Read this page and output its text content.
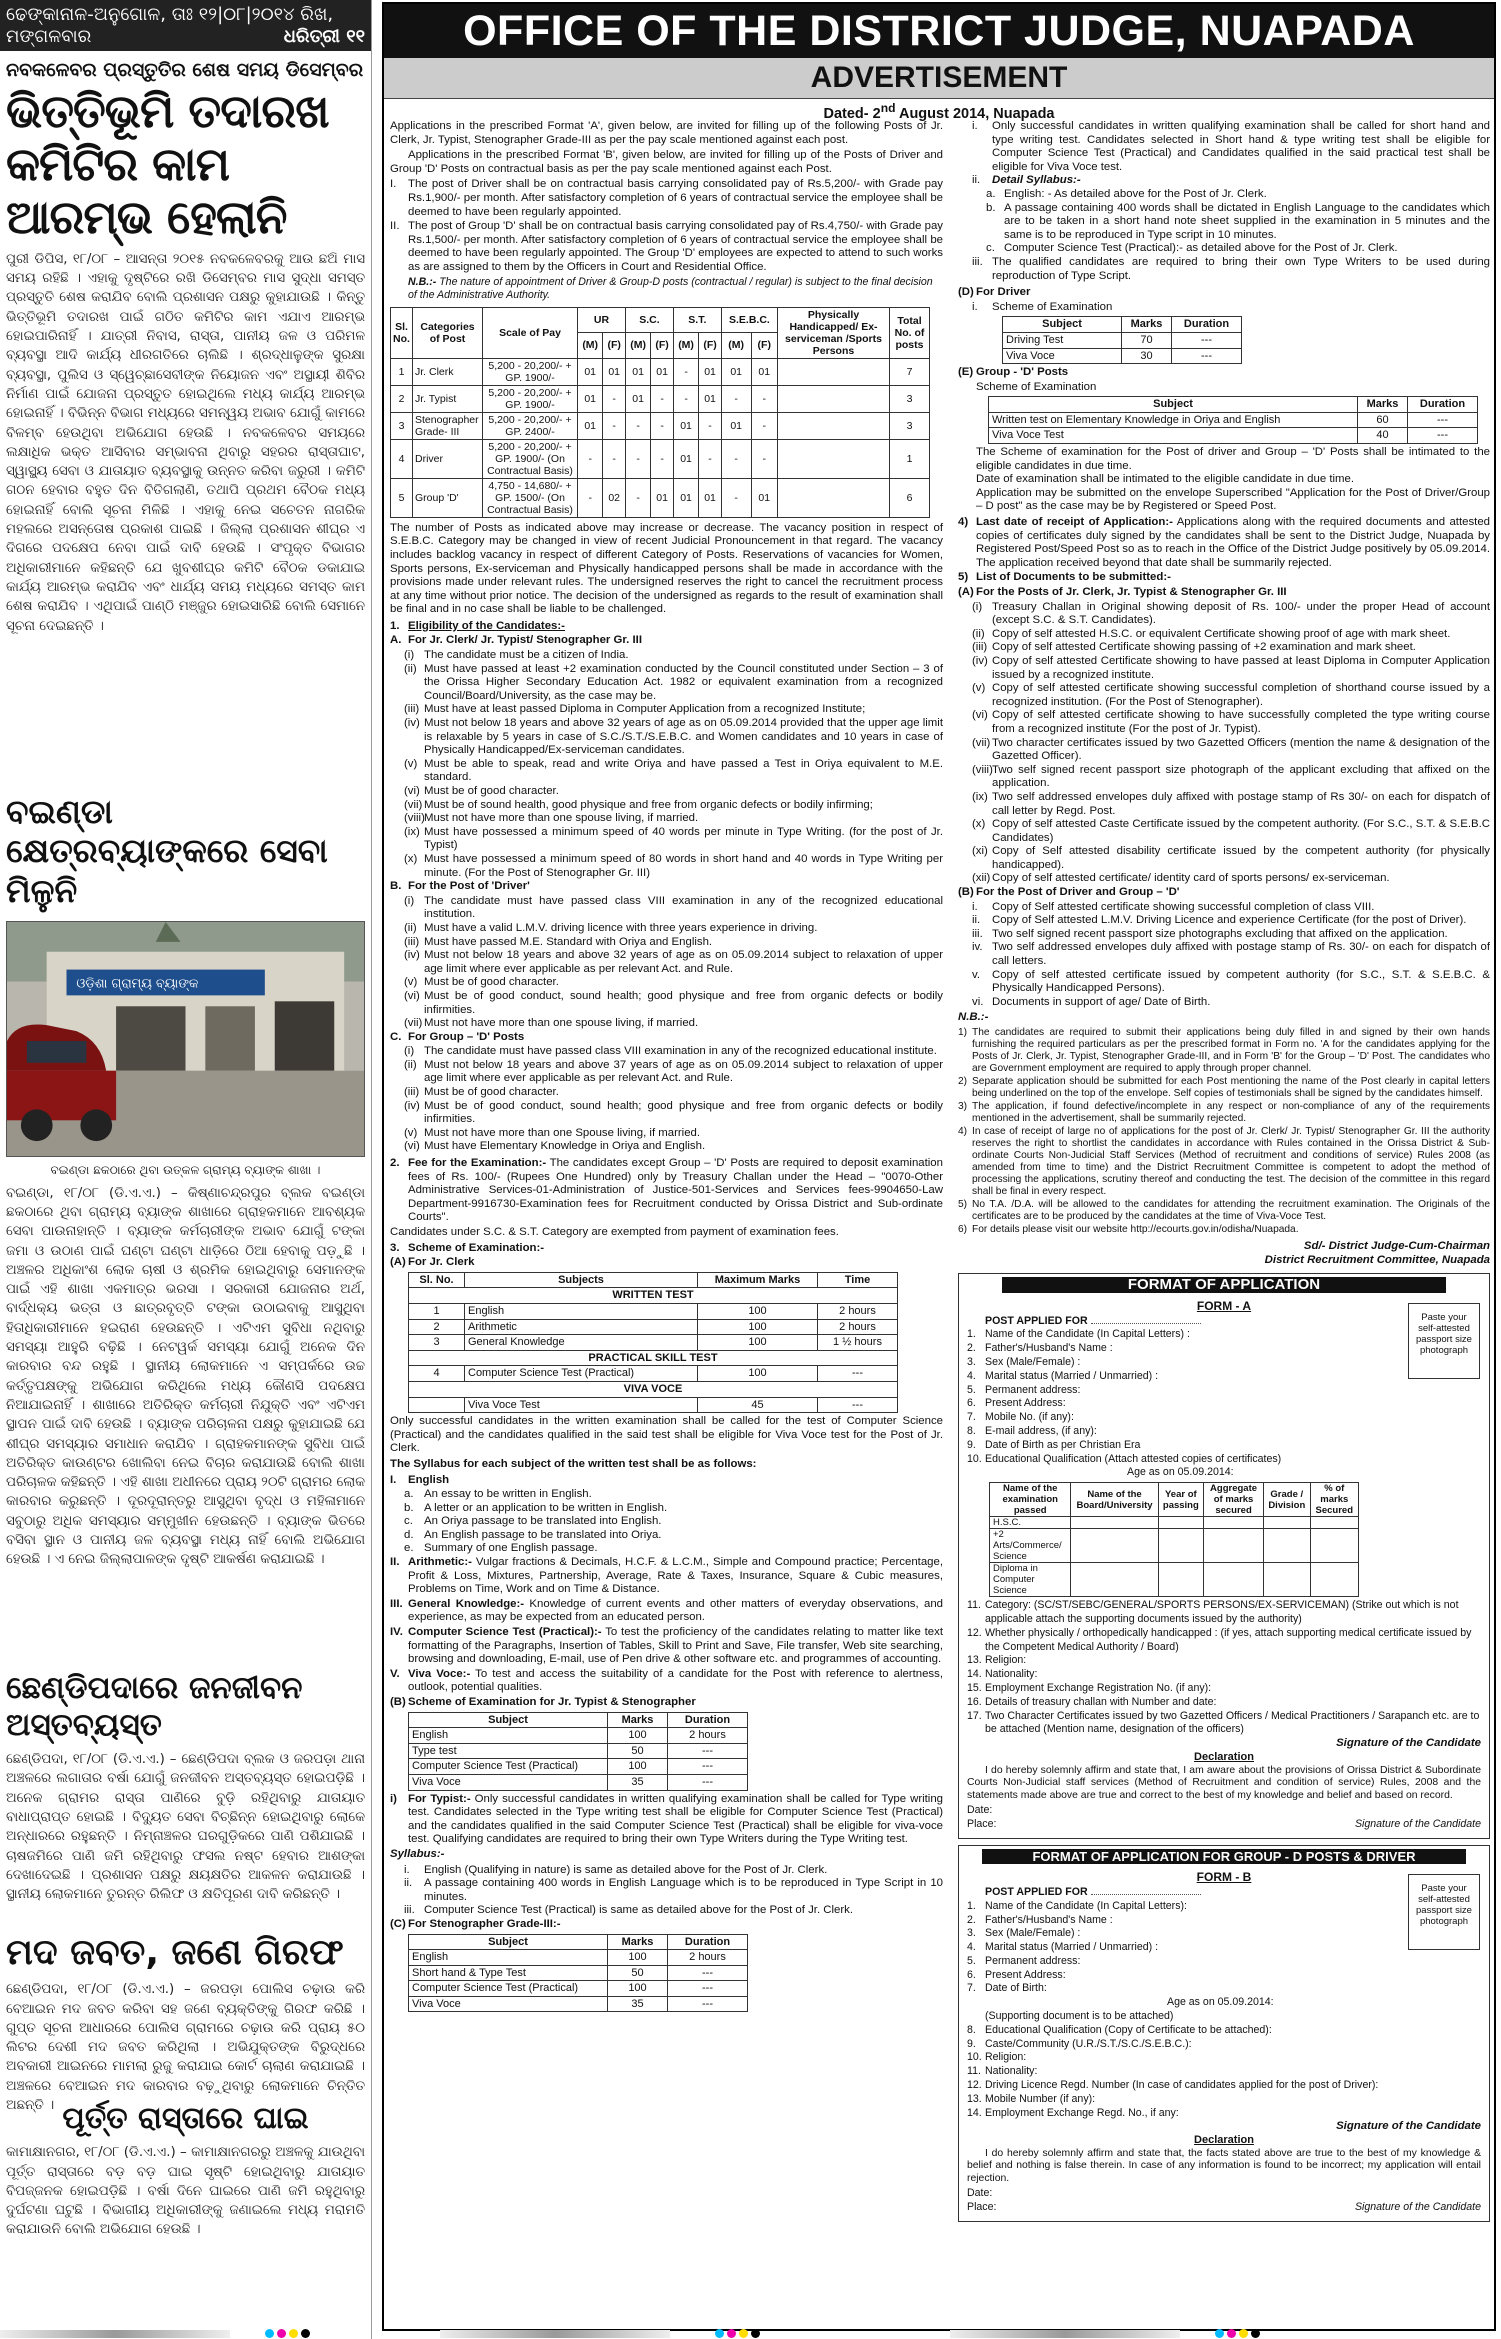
ଢେଙ୍କାନାଳ-ଅନୁଗୋଳ, ତାଃ ୧୨|୦୮|୨୦୧୪ ରିଖ,
ଧରିତ୍ରୀ ୧୧
ମଙ୍ଗଳବାର
ନବକଳେବର ପ୍ରସ୍ତୁତିର ଶେଷ ସମୟ ଡିସେମ୍ବର
ଭିତ୍ତିଭୂମି ତଦାରଖ କମିଟିର କାମ ଆରମ୍ଭ ହେଲାନି
ପୁରୀ ଡିପିସ, ୧୮/୦୮ – ଆସନ୍ତା ୨୦୧୫ ନବକଳେବରକୁ ଆଉ ଛଅି ମାସ ସମୟ ରହିଛି । ଏହାକୁ ଦୃଷ୍ଟିରେ ରଖି ଡିସେମ୍ବର ମାସ ସୁଦ୍ଧା ସମସ୍ତ ପ୍ରସ୍ତୁତି ଶେଷ କରାଯିବ ବୋଲି ପ୍ରଶାସନ ପକ୍ଷରୁ କୁହାଯାଉଛି । କିନ୍ତୁ ଭିତ୍ତିଭୂମି ତଦାରଖ ପାଇଁ ଗଠିତ କମିଟିର କାମ ଏଯାଏ ଆରମ୍ଭ ହୋଇପାରିନାହିଁ । ଯାତ୍ରୀ ନିବାସ, ରାସ୍ତା, ପାନୀୟ ଜଳ ଓ ପରିମଳ ବ୍ୟବସ୍ଥା ଆଦି କାର୍ଯ୍ୟ ଧୀରଗତିରେ ଚାଲିଛି । ଶ୍ରଦ୍ଧାଳୁଙ୍କ ସୁରକ୍ଷା ବ୍ୟବସ୍ଥା, ପୁଲିସ ଓ ସ୍ୱେଚ୍ଛାସେବୀଙ୍କ ନିୟୋଜନ ଏବଂ ଅସ୍ଥାୟୀ ଶିବିର ନିର୍ମାଣ ପାଇଁ ଯୋଜନା ପ୍ରସ୍ତୁତ ହୋଇଥିଲେ ମଧ୍ୟ କାର୍ଯ୍ୟ ଆରମ୍ଭ ହୋଇନାହିଁ । ବିଭିନ୍ନ ବିଭାଗ ମଧ୍ୟରେ ସମନ୍ୱୟ ଅଭାବ ଯୋଗୁଁ କାମରେ ବିଳମ୍ବ ହେଉଥିବା ଅଭିଯୋଗ ହେଉଛି । ନବକଳେବର ସମୟରେ ଲକ୍ଷାଧିକ ଭକ୍ତ ଆସିବାର ସମ୍ଭାବନା ଥିବାରୁ ସହରର ରାସ୍ତାଘାଟ, ସ୍ୱାସ୍ଥ୍ୟ ସେବା ଓ ଯାତାୟାତ ବ୍ୟବସ୍ଥାକୁ ଉନ୍ନତ କରିବା ଜରୁରୀ । କମିଟି ଗଠନ ହେବାର ବହୁତ ଦିନ ବିତିଗଲାଣି, ତଥାପି ପ୍ରଥମ ବୈଠକ ମଧ୍ୟ ହୋଇନାହିଁ ବୋଲି ସୂଚନା ମିଳିଛି । ଏହାକୁ ନେଇ ସଚେତନ ନାଗରିକ ମହଲରେ ଅସନ୍ତୋଷ ପ୍ରକାଶ ପାଇଛି । ଜିଲ୍ଲା ପ୍ରଶାସନ ଶୀଘ୍ର ଏ ଦିଗରେ ପଦକ୍ଷେପ ନେବା ପାଇଁ ଦାବି ହେଉଛି । ସଂପୃକ୍ତ ବିଭାଗର ଅଧିକାରୀମାନେ କହିଛନ୍ତି ଯେ ଖୁବଶୀଘ୍ର କମିଟି ବୈଠକ ଡକାଯାଇ କାର୍ଯ୍ୟ ଆରମ୍ଭ କରାଯିବ ଏବଂ ଧାର୍ଯ୍ୟ ସମୟ ମଧ୍ୟରେ ସମସ୍ତ କାମ ଶେଷ କରାଯିବ । ଏଥିପାଇଁ ପାଣ୍ଠି ମଞ୍ଜୁର ହୋଇସାରିଛି ବୋଲି ସେମାନେ ସୂଚନା ଦେଇଛନ୍ତି ।
ବଇଣ୍ଡା କ୍ଷେତ୍ରବ୍ୟାଙ୍କରେ ସେବା ମିଳୁନି
ଓଡ଼ିଶା ଗ୍ରାମ୍ୟ ବ୍ୟାଙ୍କ
ବଇଣ୍ଡା ଛକଠାରେ ଥିବା ଉତ୍କଳ ଗ୍ରାମ୍ୟ ବ୍ୟାଙ୍କ ଶାଖା ।
ବଇଣ୍ଡା, ୧୮/୦୮ (ଡି.ଏ.ଏ.) – କିଷ୍ଣାଚନ୍ଦ୍ରପୁର ବ୍ଲକ ବଇଣ୍ଡା ଛକଠାରେ ଥିବା ଗ୍ରାମ୍ୟ ବ୍ୟାଙ୍କ ଶାଖାରେ ଗ୍ରାହକମାନେ ଆବଶ୍ୟକ ସେବା ପାଉନାହାନ୍ତି । ବ୍ୟାଙ୍କ କର୍ମଚାରୀଙ୍କ ଅଭାବ ଯୋଗୁଁ ଟଙ୍କା ଜମା ଓ ଉଠାଣ ପାଇଁ ଘଣ୍ଟା ଘଣ୍ଟା ଧାଡ଼ିରେ ଠିଆ ହେବାକୁ ପଡ଼ୁଛି । ଅଞ୍ଚଳର ଅଧିକାଂଶ ଲୋକ ଚାଷୀ ଓ ଶ୍ରମିକ ହୋଇଥିବାରୁ ସେମାନଙ୍କ ପାଇଁ ଏହି ଶାଖା ଏକମାତ୍ର ଭରସା । ସରକାରୀ ଯୋଜନାର ଅର୍ଥ, ବାର୍ଦ୍ଧକ୍ୟ ଭତ୍ତା ଓ ଛାତ୍ରବୃତ୍ତି ଟଙ୍କା ଉଠାଇବାକୁ ଆସୁଥିବା ହିତାଧିକାରୀମାନେ ହଇରାଣ ହେଉଛନ୍ତି । ଏଟିଏମ ସୁବିଧା ନଥିବାରୁ ସମସ୍ୟା ଆହୁରି ବଢ଼ିଛି । ନେଟୱର୍କ ସମସ୍ୟା ଯୋଗୁଁ ଅନେକ ଦିନ କାରବାର ବନ୍ଦ ରହୁଛି । ସ୍ଥାନୀୟ ଲୋକମାନେ ଏ ସମ୍ପର୍କରେ ଉଚ୍ଚ କର୍ତ୍ତୃପକ୍ଷଙ୍କୁ ଅଭିଯୋଗ କରିଥିଲେ ମଧ୍ୟ କୌଣସି ପଦକ୍ଷେପ ନିଆଯାଇନାହିଁ । ଶାଖାରେ ଅତିରିକ୍ତ କର୍ମଚାରୀ ନିଯୁକ୍ତି ଏବଂ ଏଟିଏମ ସ୍ଥାପନ ପାଇଁ ଦାବି ହେଉଛି । ବ୍ୟାଙ୍କ ପରିଚାଳନା ପକ୍ଷରୁ କୁହାଯାଇଛି ଯେ ଶୀଘ୍ର ସମସ୍ୟାର ସମାଧାନ କରାଯିବ । ଗ୍ରାହକମାନଙ୍କ ସୁବିଧା ପାଇଁ ଅତିରିକ୍ତ କାଉଣ୍ଟର ଖୋଲିବା ନେଇ ବିଚାର କରାଯାଉଛି ବୋଲି ଶାଖା ପରିଚାଳକ କହିଛନ୍ତି । ଏହି ଶାଖା ଅଧୀନରେ ପ୍ରାୟ ୨୦ଟି ଗ୍ରାମର ଲୋକ କାରବାର କରୁଛନ୍ତି । ଦୂରଦୂରାନ୍ତରୁ ଆସୁଥିବା ବୃଦ୍ଧ ଓ ମହିଳାମାନେ ସବୁଠାରୁ ଅଧିକ ସମସ୍ୟାର ସମ୍ମୁଖୀନ ହେଉଛନ୍ତି । ବ୍ୟାଙ୍କ ଭିତରେ ବସିବା ସ୍ଥାନ ଓ ପାନୀୟ ଜଳ ବ୍ୟବସ୍ଥା ମଧ୍ୟ ନାହିଁ ବୋଲି ଅଭିଯୋଗ ହେଉଛି । ଏ ନେଇ ଜିଲ୍ଲାପାଳଙ୍କ ଦୃଷ୍ଟି ଆକର୍ଷଣ କରାଯାଇଛି ।
ଛେଣ୍ଡିପଦାରେ ଜନଜୀବନ ଅସ୍ତବ୍ୟସ୍ତ
ଛେଣ୍ଡିପଦା, ୧୮/୦୮ (ଡି.ଏ.ଏ.) – ଛେଣ୍ଡିପଦା ବ୍ଲକ ଓ ଜରପଡ଼ା ଥାନା ଅଞ୍ଚଳରେ ଲଗାତାର ବର୍ଷା ଯୋଗୁଁ ଜନଜୀବନ ଅସ୍ତବ୍ୟସ୍ତ ହୋଇପଡ଼ିଛି । ଅନେକ ଗ୍ରାମର ରାସ୍ତା ପାଣିରେ ବୁଡ଼ି ରହିଥିବାରୁ ଯାତାୟାତ ବାଧାପ୍ରାପ୍ତ ହୋଇଛି । ବିଦ୍ୟୁତ ସେବା ବିଚ୍ଛିନ୍ନ ହୋଇଥିବାରୁ ଲୋକେ ଅନ୍ଧାରରେ ରହୁଛନ୍ତି । ନିମ୍ନାଞ୍ଚଳର ଘରଗୁଡ଼ିକରେ ପାଣି ପଶିଯାଇଛି । ଚାଷଜମିରେ ପାଣି ଜମି ରହିଥିବାରୁ ଫସଲ ନଷ୍ଟ ହେବାର ଆଶଙ୍କା ଦେଖାଦେଇଛି । ପ୍ରଶାସନ ପକ୍ଷରୁ କ୍ଷୟକ୍ଷତିର ଆକଳନ କରାଯାଉଛି । ସ୍ଥାନୀୟ ଲୋକମାନେ ତୁରନ୍ତ ରିଲିଫ ଓ କ୍ଷତିପୂରଣ ଦାବି କରିଛନ୍ତି ।
ମଦ ଜବତ, ଜଣେ ଗିରଫ
ଛେଣ୍ଡିପଦା, ୧୮/୦୮ (ଡି.ଏ.ଏ.) – ଜରପଡ଼ା ପୋଲିସ ଚଢ଼ାଉ କରି ବେଆଇନ ମଦ ଜବତ କରିବା ସହ ଜଣେ ବ୍ୟକ୍ତିଙ୍କୁ ଗିରଫ କରିଛି । ଗୁପ୍ତ ସୂଚନା ଆଧାରରେ ପୋଲିସ ଗ୍ରାମରେ ଚଢ଼ାଉ କରି ପ୍ରାୟ ୫୦ ଲିଟର ଦେଶୀ ମଦ ଜବତ କରିଥିଲା । ଅଭିଯୁକ୍ତଙ୍କ ବିରୁଦ୍ଧରେ ଅବକାରୀ ଆଇନରେ ମାମଲା ରୁଜୁ କରାଯାଇ କୋର୍ଟ ଚାଲାଣ କରାଯାଇଛି । ଅଞ୍ଚଳରେ ବେଆଇନ ମଦ କାରବାର ବଢ଼ୁଥିବାରୁ ଲୋକମାନେ ଚିନ୍ତିତ ଅଛନ୍ତି । ପୂର୍ତ୍ତ ରାସ୍ତାରେ ଘାଇ
କାମାକ୍ଷାନଗର, ୧୮/୦୮ (ଡି.ଏ.ଏ.) – କାମାକ୍ଷାନଗରରୁ ଅଞ୍ଚଳକୁ ଯାଉଥିବା ପୂର୍ତ୍ତ ରାସ୍ତାରେ ବଡ଼ ବଡ଼ ଘାଇ ସୃଷ୍ଟି ହୋଇଥିବାରୁ ଯାତାୟାତ ବିପଜ୍ଜନକ ହୋଇପଡ଼ିଛି । ବର୍ଷା ଦିନେ ଘାଇରେ ପାଣି ଜମି ରହୁଥିବାରୁ ଦୁର୍ଘଟଣା ଘଟୁଛି । ବିଭାଗୀୟ ଅଧିକାରୀଙ୍କୁ ଜଣାଇଲେ ମଧ୍ୟ ମରାମତି କରାଯାଉନି ବୋଲି ଅଭିଯୋଗ ହେଉଛି ।
OFFICE OF THE DISTRICT JUDGE, NUAPADA
ADVERTISEMENT
Dated- 2nd August 2014, Nuapada
Applications in the prescribed Format 'A', given below, are invited for filling up of the following Posts of Jr. Clerk, Jr. Typist, Stenographer Grade-III as per the pay scale mentioned against each post.
Applications in the prescribed Format 'B', given below, are invited for filling up of the Posts of Driver and Group 'D' Posts on contractual basis as per the pay scale mentioned against each Post.
I.	The post of Driver shall be on contractual basis carrying consolidated pay of Rs.5,200/- with Grade pay Rs.1,900/- per month. After satisfactory completion of 6 years of contractual service the employee shall be deemed to have been regularly appointed.
II. The post of Group 'D' shall be on contractual basis carrying consolidated pay of Rs.4,750/- with Grade pay Rs.1,500/- per month. After satisfactory completion of 6 years of contractual service the employee shall be deemed to have been regularly appointed. The Group 'D' employees are expected to attend to such works as are assigned to them by the Officers in Court and Residential Office.
N.B.:- The nature of appointment of Driver & Group-D posts (contractual / regular) is subject to the final decision of the Administrative Authority.
Sl. No.	Categories of Post	Scale of Pay	UR		S.C.		S.T.		S.E.B.C.		Physically Handicapped/ Ex-serviceman /Sports Persons	Total No. of posts
			(M)	(F)	(M)	(F)	(M)	(F)	(M)	(F)		
1	Jr. Clerk	5,200 - 20,200/- + GP. 1900/-	01	01	01	01	-	01	01	01		7
2	Jr. Typist	5,200 - 20,200/- + GP. 1900/-	01	-	01	-	-	01	-	-		3
3	Stenographer Grade- III	5,200 - 20,200/- + GP. 2400/-	01	-	-	-	01	-	01	-		3
4	Driver	5,200 - 20,200/- + GP. 1900/- (On Contractual Basis)	-	-	-	-	01	-	-	-		1
5	Group 'D'	4,750 - 14,680/- + GP. 1500/- (On Contractual Basis)	-	02	-	01	01	01	-	01		6
The number of Posts as indicated above may increase or decrease. The vacancy position in respect of S.E.B.C. Category may be changed in view of recent Judicial Pronouncement in that regard. The vacancy includes backlog vacancy in respect of different Category of Posts. Reservations of vacancies for Women, Sports persons, Ex-serviceman and Physically handicapped persons shall be made in accordance with the provisions made under relevant rules. The undersigned reserves the right to cancel the recruitment process at any time without prior notice. The decision of the undersigned as regards to the result of examination shall be final and in no case shall be liable to be challenged.
1. Eligibility of the Candidates:-
A. For Jr. Clerk/ Jr. Typist/ Stenographer Gr. III
(i) The candidate must be a citizen of India.
(ii) Must have passed at least +2 examination conducted by the Council constituted under Section – 3 of the Orissa Higher Secondary Education Act. 1982 or equivalent examination from a recognized Council/Board/University, as the case may be.
(iii) Must have at least passed Diploma in Computer Application from a recognized Institute;
(iv) Must not below 18 years and above 32 years of age as on 05.09.2014 provided that the upper age limit is relaxable by 5 years in case of S.C./S.T./S.E.B.C. and Women candidates and 10 years in case of Physically Handicapped/Ex-serviceman candidates.
(v) Must be able to speak, read and write Oriya and have passed a Test in Oriya equivalent to M.E. standard.
(vi) Must be of good character.
(vii) Must be of sound health, good physique and free from organic defects or bodily infirming;
(viii) Must not have more than one spouse living, if married.
(ix) Must have possessed a minimum speed of 40 words per minute in Type Writing. (for the post of Jr. Typist)
(x) Must have possessed a minimum speed of 80 words in short hand and 40 words in Type Writing per minute. (For the Post of Stenographer Gr. III)
B. For the Post of 'Driver'
(i) The candidate must have passed class VIII examination in any of the recognized educational institution.
(ii) Must have a valid L.M.V. driving licence with three years experience in driving.
(iii) Must have passed M.E. Standard with Oriya and English.
(iv) Must not below 18 years and above 32 years of age as on 05.09.2014 subject to relaxation of upper age limit where ever applicable as per relevant Act. and Rule.
(v) Must be of good character.
(vi) Must be of good conduct, sound health; good physique and free from organic defects or bodily infirmities.
(vii) Must not have more than one spouse living, if married.
C. For Group – 'D' Posts
(i) The candidate must have passed class VIII examination in any of the recognized educational institute.
(ii) Must not below 18 years and above 37 years of age as on 05.09.2014 subject to relaxation of upper age limit where ever applicable as per relevant Act. and Rule.
(iii) Must be of good character.
(iv) Must be of good conduct, sound health; good physique and free from organic defects or bodily infirmities.
(v) Must not have more than one Spouse living, if married.
(vi) Must have Elementary Knowledge in Oriya and English.
2. Fee for the Examination:- The candidates except Group – 'D' Posts are required to deposit examination fees of Rs. 100/- (Rupees One Hundred) only by Treasury Challan under the Head – "0070-Other Administrative Services-01-Administration of Justice-501-Services and Services fees-9904650-Law Department-9916730-Examination fees for Recruitment conducted by Orissa District and Sub-ordinate Courts".
Candidates under S.C. & S.T. Category are exempted from payment of examination fees.
3. Scheme of Examination:-
(A) For Jr. Clerk
Sl. No.	Subjects	Maximum Marks	Time
WRITTEN TEST			
1	English	100	2 hours
2	Arithmetic	100	2 hours
3	General Knowledge	100	1 ½ hours
PRACTICAL SKILL TEST			
4	Computer Science Test (Practical)	100	---
VIVA VOCE			
	Viva Voce Test	45	---
Only successful candidates in the written examination shall be called for the test of Computer Science (Practical) and the candidates qualified in the said test shall be eligible for Viva Voce test for the Post of Jr. Clerk.
The Syllabus for each subject of the written test shall be as follows:
I.	English
a. An essay to be written in English.
b. A letter or an application to be written in English.
c. An Oriya passage to be translated into English.
d. An English passage to be translated into Oriya.
e. Summary of one English passage.
II. Arithmetic:- Vulgar fractions & Decimals, H.C.F. & L.C.M., Simple and Compound practice; Percentage, Profit & Loss, Mixtures, Partnership, Average, Rate & Taxes, Insurance, Square & Cubic measures, Problems on Time, Work and on Time & Distance.
III. General Knowledge:- Knowledge of current events and other matters of everyday observations, and experience, as may be expected from an educated person.
IV. Computer Science Test (Practical):- To test the proficiency of the candidates relating to matter like text formatting of the Paragraphs, Insertion of Tables, Skill to Print and Save, File transfer, Web site searching, browsing and downloading, E-mail, use of Pen drive & other software etc. and programmes of accounting.
V. Viva Voce:- To test and access the suitability of a candidate for the Post with reference to alertness, outlook, potential qualities.
(B) Scheme of Examination for Jr. Typist & Stenographer
Subject	Marks	Duration
English	100	2 hours
Type test	50	---
Computer Science Test (Practical)	100	---
Viva Voce	35	---
i) For Typist:- Only successful candidates in written qualifying examination shall be called for Type writing test. Candidates selected in the Type writing test shall be eligible for Computer Science Test (Practical) and the candidates qualified in the said Computer Science Test (Practical) shall be eligible for viva-voce test. Qualifying candidates are required to bring their own Type Writers during the Type Writing test.
Syllabus:-
i. English (Qualifying in nature) is same as detailed above for the Post of Jr. Clerk.
ii. A passage containing 400 words in English Language which is to be reproduced in Type Script in 10 minutes.
iii. Computer Science Test (Practical) is same as detailed above for the Post of Jr. Clerk.
(C) For Stenographer Grade-III:-
Subject	Marks	Duration
English	100	2 hours
Short hand & Type Test	50	---
Computer Science Test (Practical)	100	---
Viva Voce	35	---
i. Only successful candidates in written qualifying examination shall be called for short hand and type writing test. Candidates selected in Short hand & type writing test shall be eligible for Computer Science Test (Practical) and Candidates qualified in the said practical test shall be eligible for Viva Voce test.
ii. Detail Syllabus:-
a. English: - As detailed above for the Post of Jr. Clerk.
b. A passage containing 400 words shall be dictated in English Language to the candidates which are to be taken in a short hand note sheet supplied in the examination in 5 minutes and the same is to be reproduced in Type script in 10 minutes.
c. Computer Science Test (Practical):- as detailed above for the Post of Jr. Clerk.
iii. The qualified candidates are required to bring their own Type Writers to be used during reproduction of Type Script.
(D) For Driver
i. Scheme of Examination
Subject	Marks	Duration
Driving Test	70	---
Viva Voce	30	---
(E) Group - 'D' Posts
Scheme of Examination
Subject	Marks	Duration
Written test on Elementary Knowledge in Oriya and English	60	---
Viva Voce Test	40	---
The Scheme of examination for the Post of driver and Group – 'D' Posts shall be intimated to the eligible candidates in due time.
Date of examination shall be intimated to the eligible candidate in due time.
Application may be submitted on the envelope Superscribed "Application for the Post of Driver/Group – D post" as the case may be by Registered or Speed Post.
4) Last date of receipt of Application:- Applications along with the required documents and attested copies of certificates duly signed by the candidates shall be sent to the District Judge, Nuapada by Registered Post/Speed Post so as to reach in the Office of the District Judge positively by 05.09.2014. The application received beyond that date shall be summarily rejected.
5) List of Documents to be submitted:-
(A) For the Posts of Jr. Clerk, Jr. Typist & Stenographer Gr. III
(i) Treasury Challan in Original showing deposit of Rs. 100/- under the proper Head of account (except S.C. & S.T. Candidates).
(ii) Copy of self attested H.S.C. or equivalent Certificate showing proof of age with mark sheet.
(iii) Copy of self attested Certificate showing passing of +2 examination and mark sheet.
(iv) Copy of self attested Certificate showing to have passed at least Diploma in Computer Application issued by a recognized institute.
(v) Copy of self attested certificate showing successful completion of shorthand course issued by a recognized institution. (For the Post of Stenographer).
(vi) Copy of self attested certificate showing to have successfully completed the type writing course from a recognized institute (For the post of Jr. Typist).
(vii) Two character certificates issued by two Gazetted Officers (mention the name & designation of the Gazetted Officer).
(viii) Two self signed recent passport size photograph of the applicant excluding that affixed on the application.
(ix) Two self addressed envelopes duly affixed with postage stamp of Rs 30/- on each for dispatch of call letter by Regd. Post.
(x) Copy of self attested Caste Certificate issued by the competent authority. (For S.C., S.T. & S.E.B.C Candidates)
(xi) Copy of Self attested disability certificate issued by the competent authority (for physically handicapped).
(xii) Copy of self attested certificate/ identity card of sports persons/ ex-serviceman.
(B) For the Post of Driver and Group – 'D'
i. Copy of Self attested certificate showing successful completion of class VIII.
ii. Copy of Self attested L.M.V. Driving Licence and experience Certificate (for the post of Driver).
iii. Two self signed recent passport size photographs excluding that affixed on the application.
iv. Two self addressed envelopes duly affixed with postage stamp of Rs. 30/- on each for dispatch of call letters.
v. Copy of self attested certificate issued by competent authority (for S.C., S.T. & S.E.B.C. & Physically Handicapped Persons).
vi. Documents in support of age/ Date of Birth.
N.B.:-
1) The candidates are required to submit their applications being duly filled in and signed by their own hands furnishing the required particulars as per the prescribed format in Form no. 'A for the candidates applying for the Posts of Jr. Clerk, Jr. Typist, Stenographer Grade-III, and in Form 'B' for the Group – 'D' Post. The candidates who are Government employment are required to apply through proper channel.
2) Separate application should be submitted for each Post mentioning the name of the Post clearly in capital letters being underlined on the top of the envelope. Self copies of testimonials shall be signed by the candidates himself.
3) The application, if found defective/incomplete in any respect or non-compliance of any of the requirements mentioned in the advertisement, shall be summarily rejected.
4) In case of receipt of large no of applications for the post of Jr. Clerk/ Jr. Typist/ Stenographer Gr. III the authority reserves the right to shortlist the candidates in accordance with Rules contained in the Orissa District & Sub-ordinate Courts Non-Judicial Staff Services (Method of recruitment and conditions of service) Rules 2008 (as amended from time to time) and the District Recruitment Committee is competent to adopt the method of processing the applications, scrutiny thereof and conducting the test. The decision of the committee in this regard shall be final in every respect.
5) No T.A. /D.A. will be allowed to the candidates for attending the recruitment examination. The Originals of the certificates are to be produced by the candidates at the time of Viva-Voce Test.
6) For details please visit our website http://ecourts.gov.in/odisha/Nuapada.
Sd/- District Judge-Cum-Chairman
District Recruitment Committee, Nuapada
FORMAT OF APPLICATION
FORM - A
Paste your self-attested passport size photograph
POST APPLIED FOR
1. Name of the Candidate (In Capital Letters) :
2. Father's/Husband's Name :
3. Sex (Male/Female) :
4. Marital status (Married / Unmarried) :
5. Permanent address:
6. Present Address:
7. Mobile No. (if any):
8. E-mail address, (if any):
9. Date of Birth as per Christian Era
10. Educational Qualification (Attach attested copies of certificates)
Age as on 05.09.2014:
Name of the examination passed	Name of the Board/University	Year of passing	Aggregate of marks secured	Grade / Division	% of marks Secured
H.S.C.					
+2 Arts/Commerce/ Science					
Diploma in Computer Science					
11. Category: (SC/ST/SEBC/GENERAL/SPORTS PERSONS/EX-SERVICEMAN) (Strike out which is not applicable attach the supporting documents issued by the authority)
12. Whether physically / orthopedically handicapped : (if yes, attach supporting medical certificate issued by the Competent Medical Authority / Board)
13. Religion:
14. Nationality:
15. Employment Exchange Registration No. (if any):
16. Details of treasury challan with Number and date:
17. Two Character Certificates issued by two Gazetted Officers / Medical Practitioners / Sarapanch etc. are to be attached (Mention name, designation of the officers)
Signature of the Candidate
Declaration
I do hereby solemnly affirm and state that, I am aware about the provisions of Orissa District & Subordinate Courts Non-Judicial staff services (Method of Recruitment and condition of service) Rules, 2008 and the statements made above are true and correct to the best of my knowledge and belief and based on record.
Date:
Place:	Signature of the Candidate
FORMAT OF APPLICATION FOR GROUP - D POSTS & DRIVER
FORM - B
Paste your self-attested passport size photograph
POST APPLIED FOR
1. Name of the Candidate (In Capital Letters):
2. Father's/Husband's Name :
3. Sex (Male/Female) :
4. Marital status (Married / Unmarried) :
5. Permanent address:
6. Present Address:
7. Date of Birth:
Age as on 05.09.2014:
(Supporting document is to be attached)
8. Educational Qualification (Copy of Certificate to be attached):
9. Caste/Community (U.R./S.T./S.C./S.E.B.C.):
10. Religion:
11. Nationality:
12. Driving Licence Regd. Number (In case of candidates applied for the post of Driver):
13. Mobile Number (if any):
14. Employment Exchange Regd. No., if any:
Signature of the Candidate
Declaration
I do hereby solemnly affirm and state that, the facts stated above are true to the best of my knowledge & belief and nothing is false therein. In case of any information is found to be incorrect; my application will entail rejection.
Date:
Place:	Signature of the Candidate
